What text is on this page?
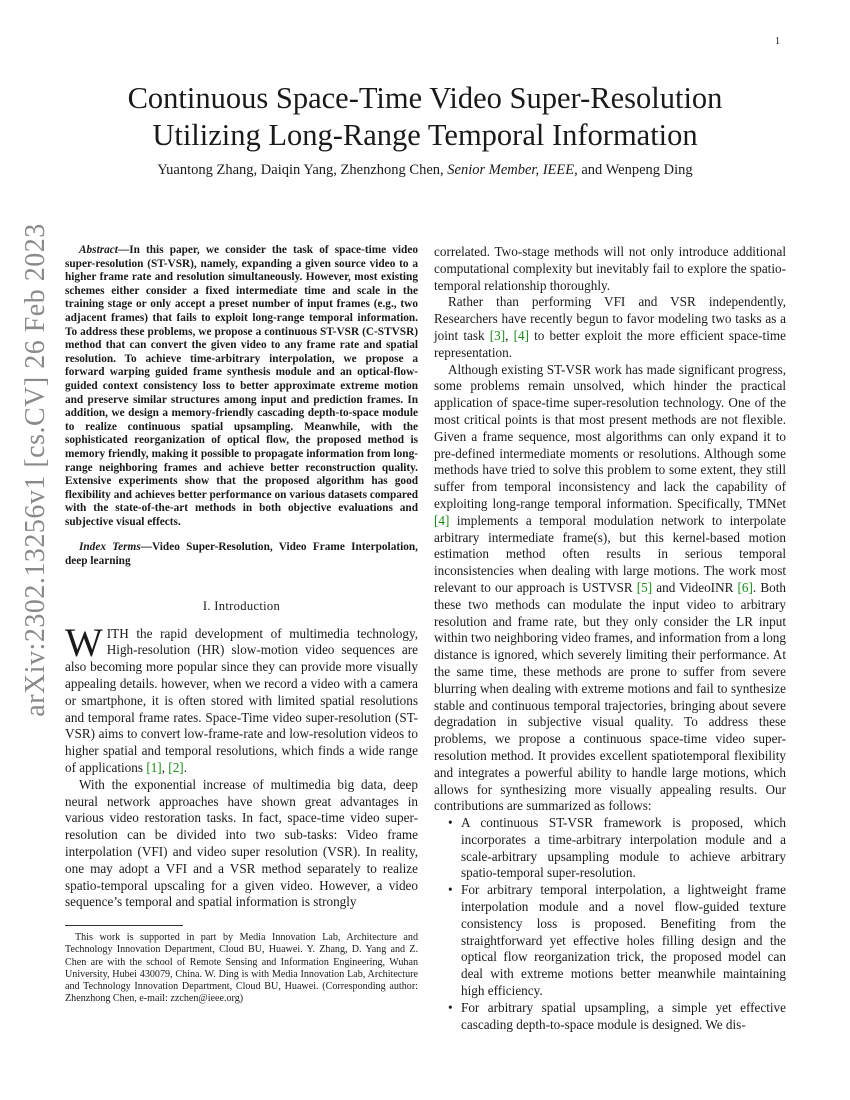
1
arXiv:2302.13256v1 [cs.CV] 26 Feb 2023
Continuous Space-Time Video Super-Resolution
Utilizing Long-Range Temporal Information
Yuantong Zhang, Daiqin Yang, Zhenzhong Chen, Senior Member, IEEE, and Wenpeng Ding

Abstract—In this paper, we consider the task of space-time video super-resolution (ST-VSR), namely, expanding a given source video to a higher frame rate and resolution simultaneously. However, most existing schemes either consider a fixed intermediate time and scale in the training stage or only accept a preset number of input frames (e.g., two adjacent frames) that fails to exploit long-range temporal information. To address these problems, we propose a continuous ST-VSR (C-STVSR) method that can convert the given video to any frame rate and spatial resolution. To achieve time-arbitrary interpolation, we propose a forward warping guided frame synthesis module and an optical-flow-guided context consistency loss to better approximate extreme motion and preserve similar structures among input and prediction frames. In addition, we design a memory-friendly cascading depth-to-space module to realize continuous spatial upsampling. Meanwhile, with the sophisticated reorganization of optical flow, the proposed method is memory friendly, making it possible to propagate information from long-range neighboring frames and achieve better reconstruction quality. Extensive experiments show that the proposed algorithm has good flexibility and achieves better performance on various datasets compared with the state-of-the-art methods in both objective evaluations and subjective visual effects.

Index Terms—Video Super-Resolution, Video Frame Interpolation, deep learning

I. Introduction

WITH the rapid development of multimedia technology, High-resolution (HR) slow-motion video sequences are also becoming more popular since they can provide more visually appealing details. however, when we record a video with a camera or smartphone, it is often stored with limited spatial resolutions and temporal frame rates. Space-Time video super-resolution (ST-VSR) aims to convert low-frame-rate and low-resolution videos to higher spatial and temporal resolutions, which finds a wide range of applications [1], [2].

With the exponential increase of multimedia big data, deep neural network approaches have shown great advantages in various video restoration tasks. In fact, space-time video super-resolution can be divided into two sub-tasks: Video frame interpolation (VFI) and video super resolution (VSR). In reality, one may adopt a VFI and a VSR method separately to realize spatio-temporal upscaling for a given video. However, a video sequence’s temporal and spatial information is strongly

This work is supported in part by Media Innovation Lab, Architecture and Technology Innovation Department, Cloud BU, Huawei. Y. Zhang, D. Yang and Z. Chen are with the school of Remote Sensing and Information Engineering, Wuhan University, Hubei 430079, China. W. Ding is with Media Innovation Lab, Architecture and Technology Innovation Department, Cloud BU, Huawei. (Corresponding author: Zhenzhong Chen, e-mail: zzchen@ieee.org)

correlated. Two-stage methods will not only introduce additional computational complexity but inevitably fail to explore the spatio-temporal relationship thoroughly.

Rather than performing VFI and VSR independently, Researchers have recently begun to favor modeling two tasks as a joint task [3], [4] to better exploit the more efficient space-time representation.

Although existing ST-VSR work has made significant progress, some problems remain unsolved, which hinder the practical application of space-time super-resolution technology. One of the most critical points is that most present methods are not flexible. Given a frame sequence, most algorithms can only expand it to pre-defined intermediate moments or resolutions. Although some methods have tried to solve this problem to some extent, they still suffer from temporal inconsistency and lack the capability of exploiting long-range temporal information. Specifically, TMNet [4] implements a temporal modulation network to interpolate arbitrary intermediate frame(s), but this kernel-based motion estimation method often results in serious temporal inconsistencies when dealing with large motions. The work most relevant to our approach is USTVSR [5] and VideoINR [6]. Both these two methods can modulate the input video to arbitrary resolution and frame rate, but they only consider the LR input within two neighboring video frames, and information from a long distance is ignored, which severely limiting their performance. At the same time, these methods are prone to suffer from severe blurring when dealing with extreme motions and fail to synthesize stable and continuous temporal trajectories, bringing about severe degradation in subjective visual quality. To address these problems, we propose a continuous space-time video super-resolution method. It provides excellent spatiotemporal flexibility and integrates a powerful ability to handle large motions, which allows for synthesizing more visually appealing results. Our contributions are summarized as follows:

• A continuous ST-VSR framework is proposed, which incorporates a time-arbitrary interpolation module and a scale-arbitrary upsampling module to achieve arbitrary spatio-temporal super-resolution.
• For arbitrary temporal interpolation, a lightweight frame interpolation module and a novel flow-guided texture consistency loss is proposed. Benefiting from the straightforward yet effective holes filling design and the optical flow reorganization trick, the proposed model can deal with extreme motions better meanwhile maintaining high efficiency.
• For arbitrary spatial upsampling, a simple yet effective cascading depth-to-space module is designed. We dis-
